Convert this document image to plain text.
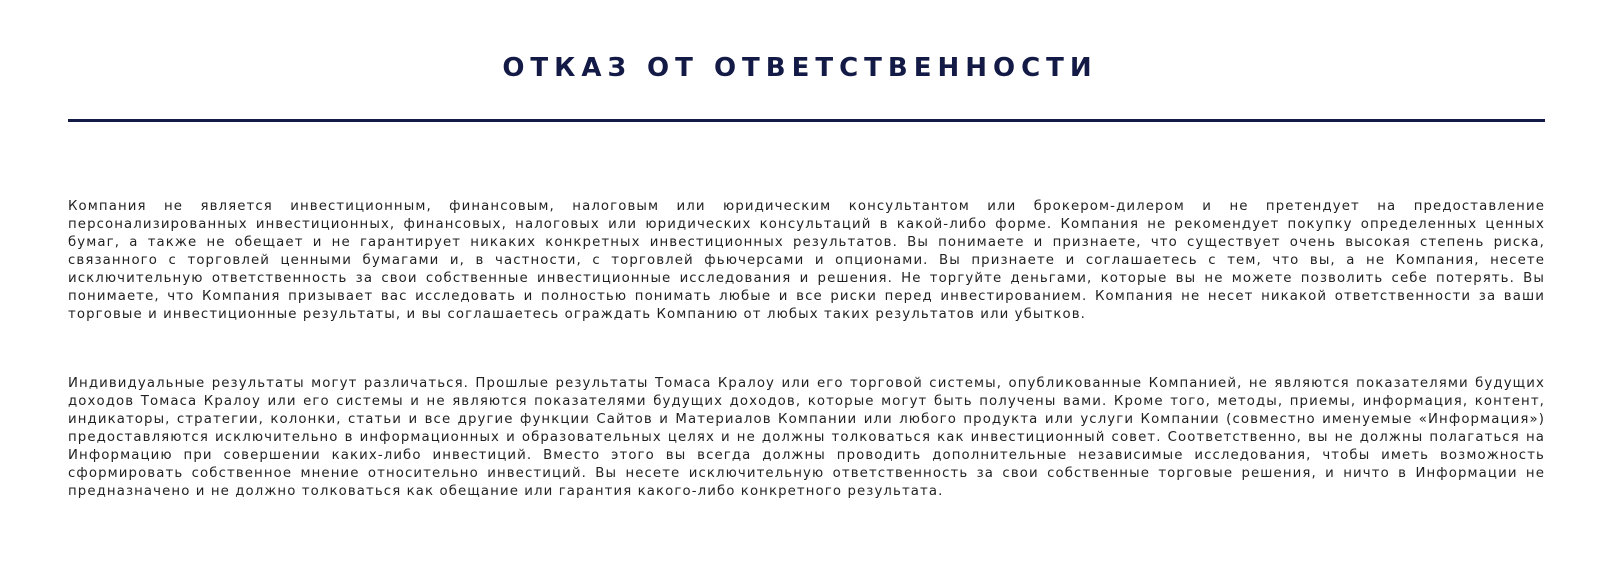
ОТКАЗ ОТ ОТВЕТСТВЕННОСТИ

Компания не является инвестиционным, финансовым, налоговым или юридическим консультантом или брокером-дилером и не претендует на предоставление персонализированных инвестиционных, финансовых, налоговых или юридических консультаций в какой-либо форме. Компания не рекомендует покупку определенных ценных бумаг, а также не обещает и не гарантирует никаких конкретных инвестиционных результатов. Вы понимаете и признаете, что существует очень высокая степень риска, связанного с торговлей ценными бумагами и, в частности, с торговлей фьючерсами и опционами. Вы признаете и соглашаетесь с тем, что вы, а не Компания, несете исключительную ответственность за свои собственные инвестиционные исследования и решения. Не торгуйте деньгами, которые вы не можете позволить себе потерять. Вы понимаете, что Компания призывает вас исследовать и полностью понимать любые и все риски перед инвестированием. Компания не несет никакой ответственности за ваши торговые и инвестиционные результаты, и вы соглашаетесь ограждать Компанию от любых таких результатов или убытков.

Индивидуальные результаты могут различаться. Прошлые результаты Томаса Кралоу или его торговой системы, опубликованные Компанией, не являются показателями будущих доходов Томаса Кралоу или его системы и не являются показателями будущих доходов, которые могут быть получены вами. Кроме того, методы, приемы, информация, контент, индикаторы, стратегии, колонки, статьи и все другие функции Сайтов и Материалов Компании или любого продукта или услуги Компании (совместно именуемые «Информация») предоставляются исключительно в информационных и образовательных целях и не должны толковаться как инвестиционный совет. Соответственно, вы не должны полагаться на Информацию при совершении каких-либо инвестиций. Вместо этого вы всегда должны проводить дополнительные независимые исследования, чтобы иметь возможность сформировать собственное мнение относительно инвестиций. Вы несете исключительную ответственность за свои собственные торговые решения, и ничто в Информации не предназначено и не должно толковаться как обещание или гарантия какого-либо конкретного результата.
